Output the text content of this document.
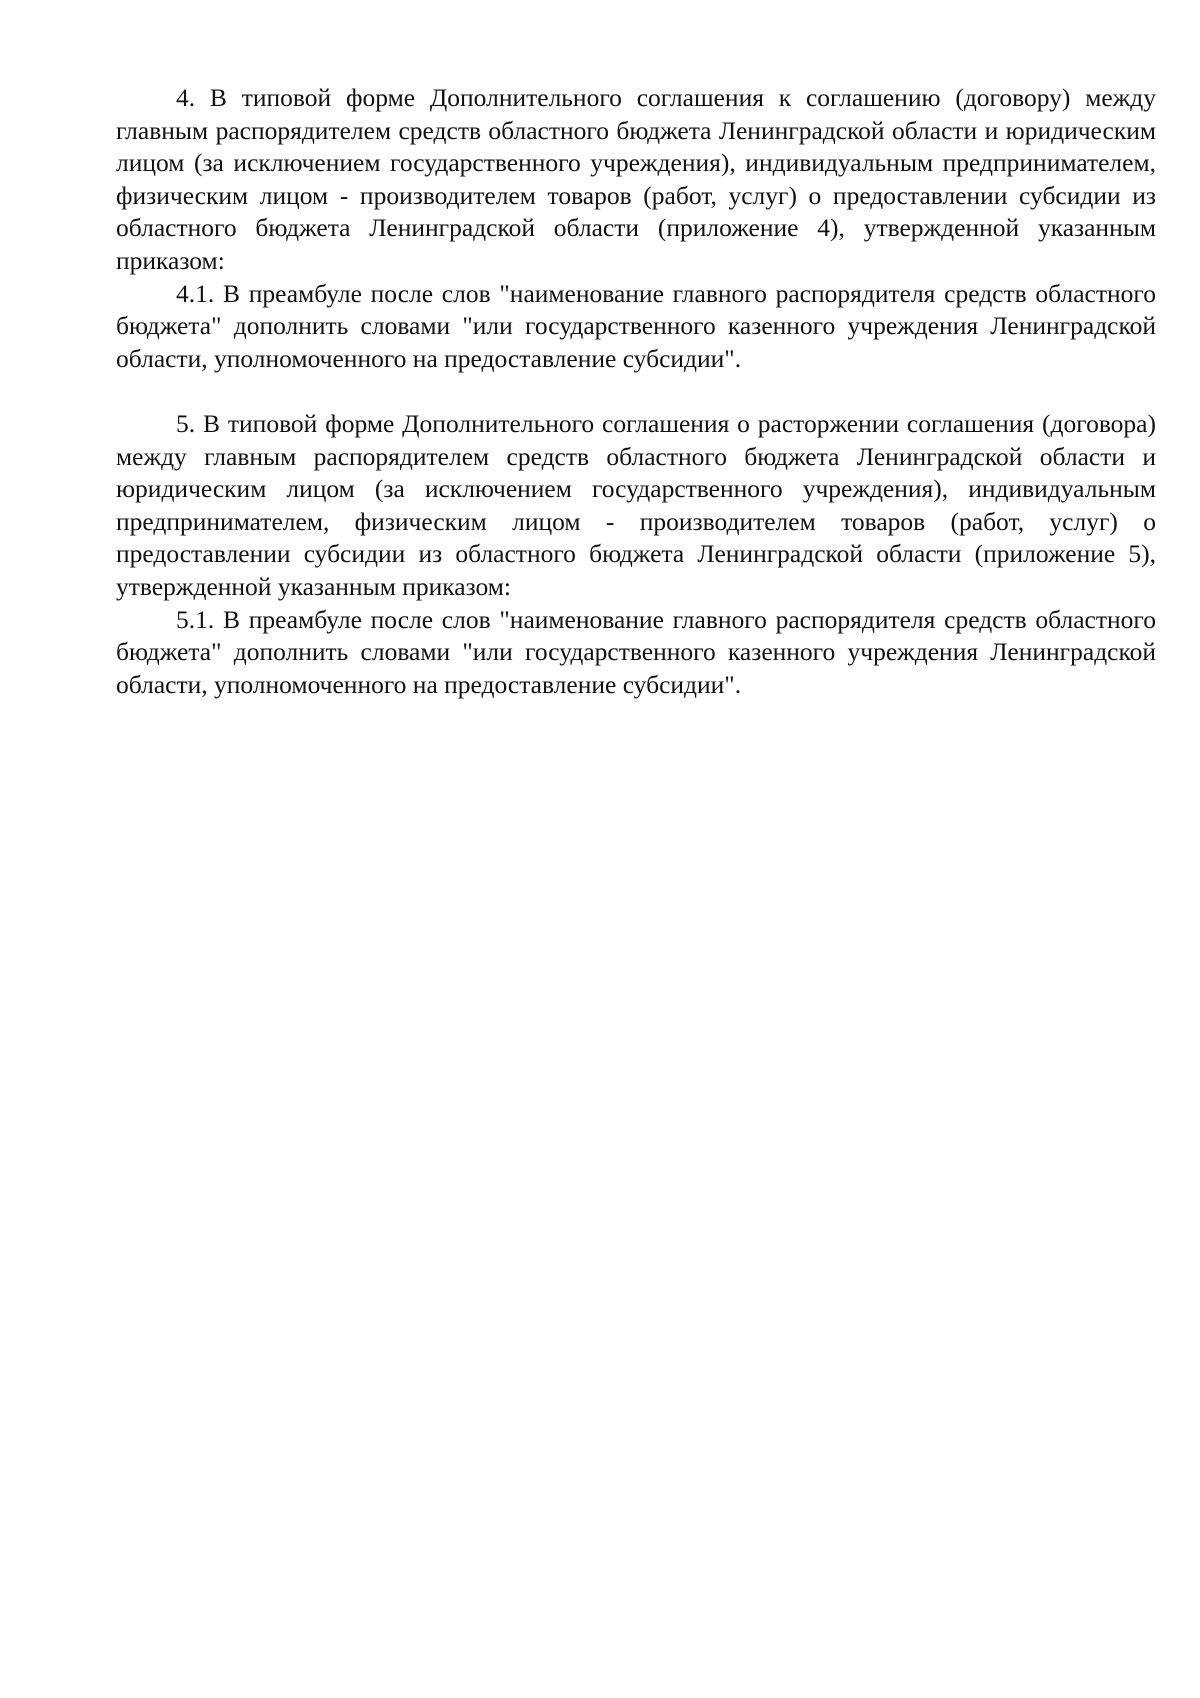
4. В типовой форме Дополнительного соглашения к соглашению (договору) между главным распорядителем средств областного бюджета Ленинградской области и юридическим лицом (за исключением государственного учреждения), индивидуальным предпринимателем, физическим лицом - производителем товаров (работ, услуг) о предоставлении субсидии из областного бюджета Ленинградской области (приложение 4), утвержденной указанным приказом:

4.1. В преамбуле после слов "наименование главного распорядителя средств областного бюджета" дополнить словами "или государственного казенного учреждения Ленинградской области, уполномоченного на предоставление субсидии".

5. В типовой форме Дополнительного соглашения о расторжении соглашения (договора) между главным распорядителем средств областного бюджета Ленинградской области и юридическим лицом (за исключением государственного учреждения), индивидуальным предпринимателем, физическим лицом - производителем товаров (работ, услуг) о предоставлении субсидии из областного бюджета Ленинградской области (приложение 5), утвержденной указанным приказом:

5.1. В преамбуле после слов "наименование главного распорядителя средств областного бюджета" дополнить словами "или государственного казенного учреждения Ленинградской области, уполномоченного на предоставление субсидии".
